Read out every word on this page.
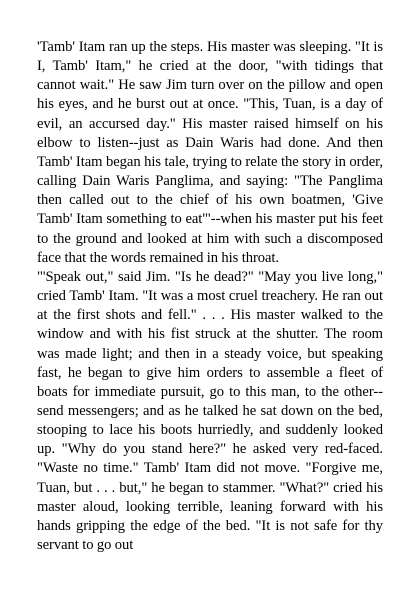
'Tamb' Itam ran up the steps. His master was sleeping. "It is I, Tamb' Itam," he cried at the door, "with tidings that cannot wait." He saw Jim turn over on the pillow and open his eyes, and he burst out at once. "This, Tuan, is a day of evil, an accursed day." His master raised himself on his elbow to listen--just as Dain Waris had done. And then Tamb' Itam began his tale, trying to relate the story in order, calling Dain Waris Panglima, and saying: "The Panglima then called out to the chief of his own boatmen, 'Give Tamb' Itam something to eat'"--when his master put his feet to the ground and looked at him with such a discomposed face that the words remained in his throat.

"'Speak out," said Jim. "Is he dead?" "May you live long," cried Tamb' Itam. "It was a most cruel treachery. He ran out at the first shots and fell." . . . His master walked to the window and with his fist struck at the shutter. The room was made light; and then in a steady voice, but speaking fast, he began to give him orders to assemble a fleet of boats for immediate pursuit, go to this man, to the other--send messengers; and as he talked he sat down on the bed, stooping to lace his boots hurriedly, and suddenly looked up. "Why do you stand here?" he asked very red-faced. "Waste no time." Tamb' Itam did not move. "Forgive me, Tuan, but . . . but," he began to stammer. "What?" cried his master aloud, looking terrible, leaning forward with his hands gripping the edge of the bed. "It is not safe for thy servant to go out
